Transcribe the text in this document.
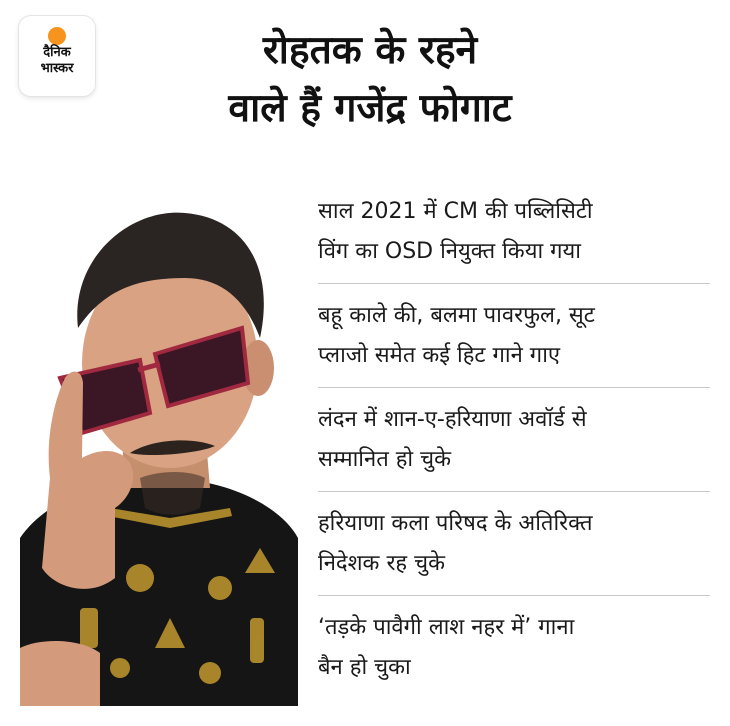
दैनिक
भास्कर	रोहतक के रहने
वाले हैं गजेंद्र फोगाट
साल 2021 में CM की पब्लिसिटी
विंग का OSD नियुक्त किया गया
बहू काले की, बलमा पावरफुल, सूट
प्लाजो समेत कई हिट गाने गाए
लंदन में शान-ए-हरियाणा अवॉर्ड से
सम्मानित हो चुके
हरियाणा कला परिषद के अतिरिक्त
निदेशक रह चुके
‘तड़के पावैगी लाश नहर में’ गाना
बैन हो चुका
